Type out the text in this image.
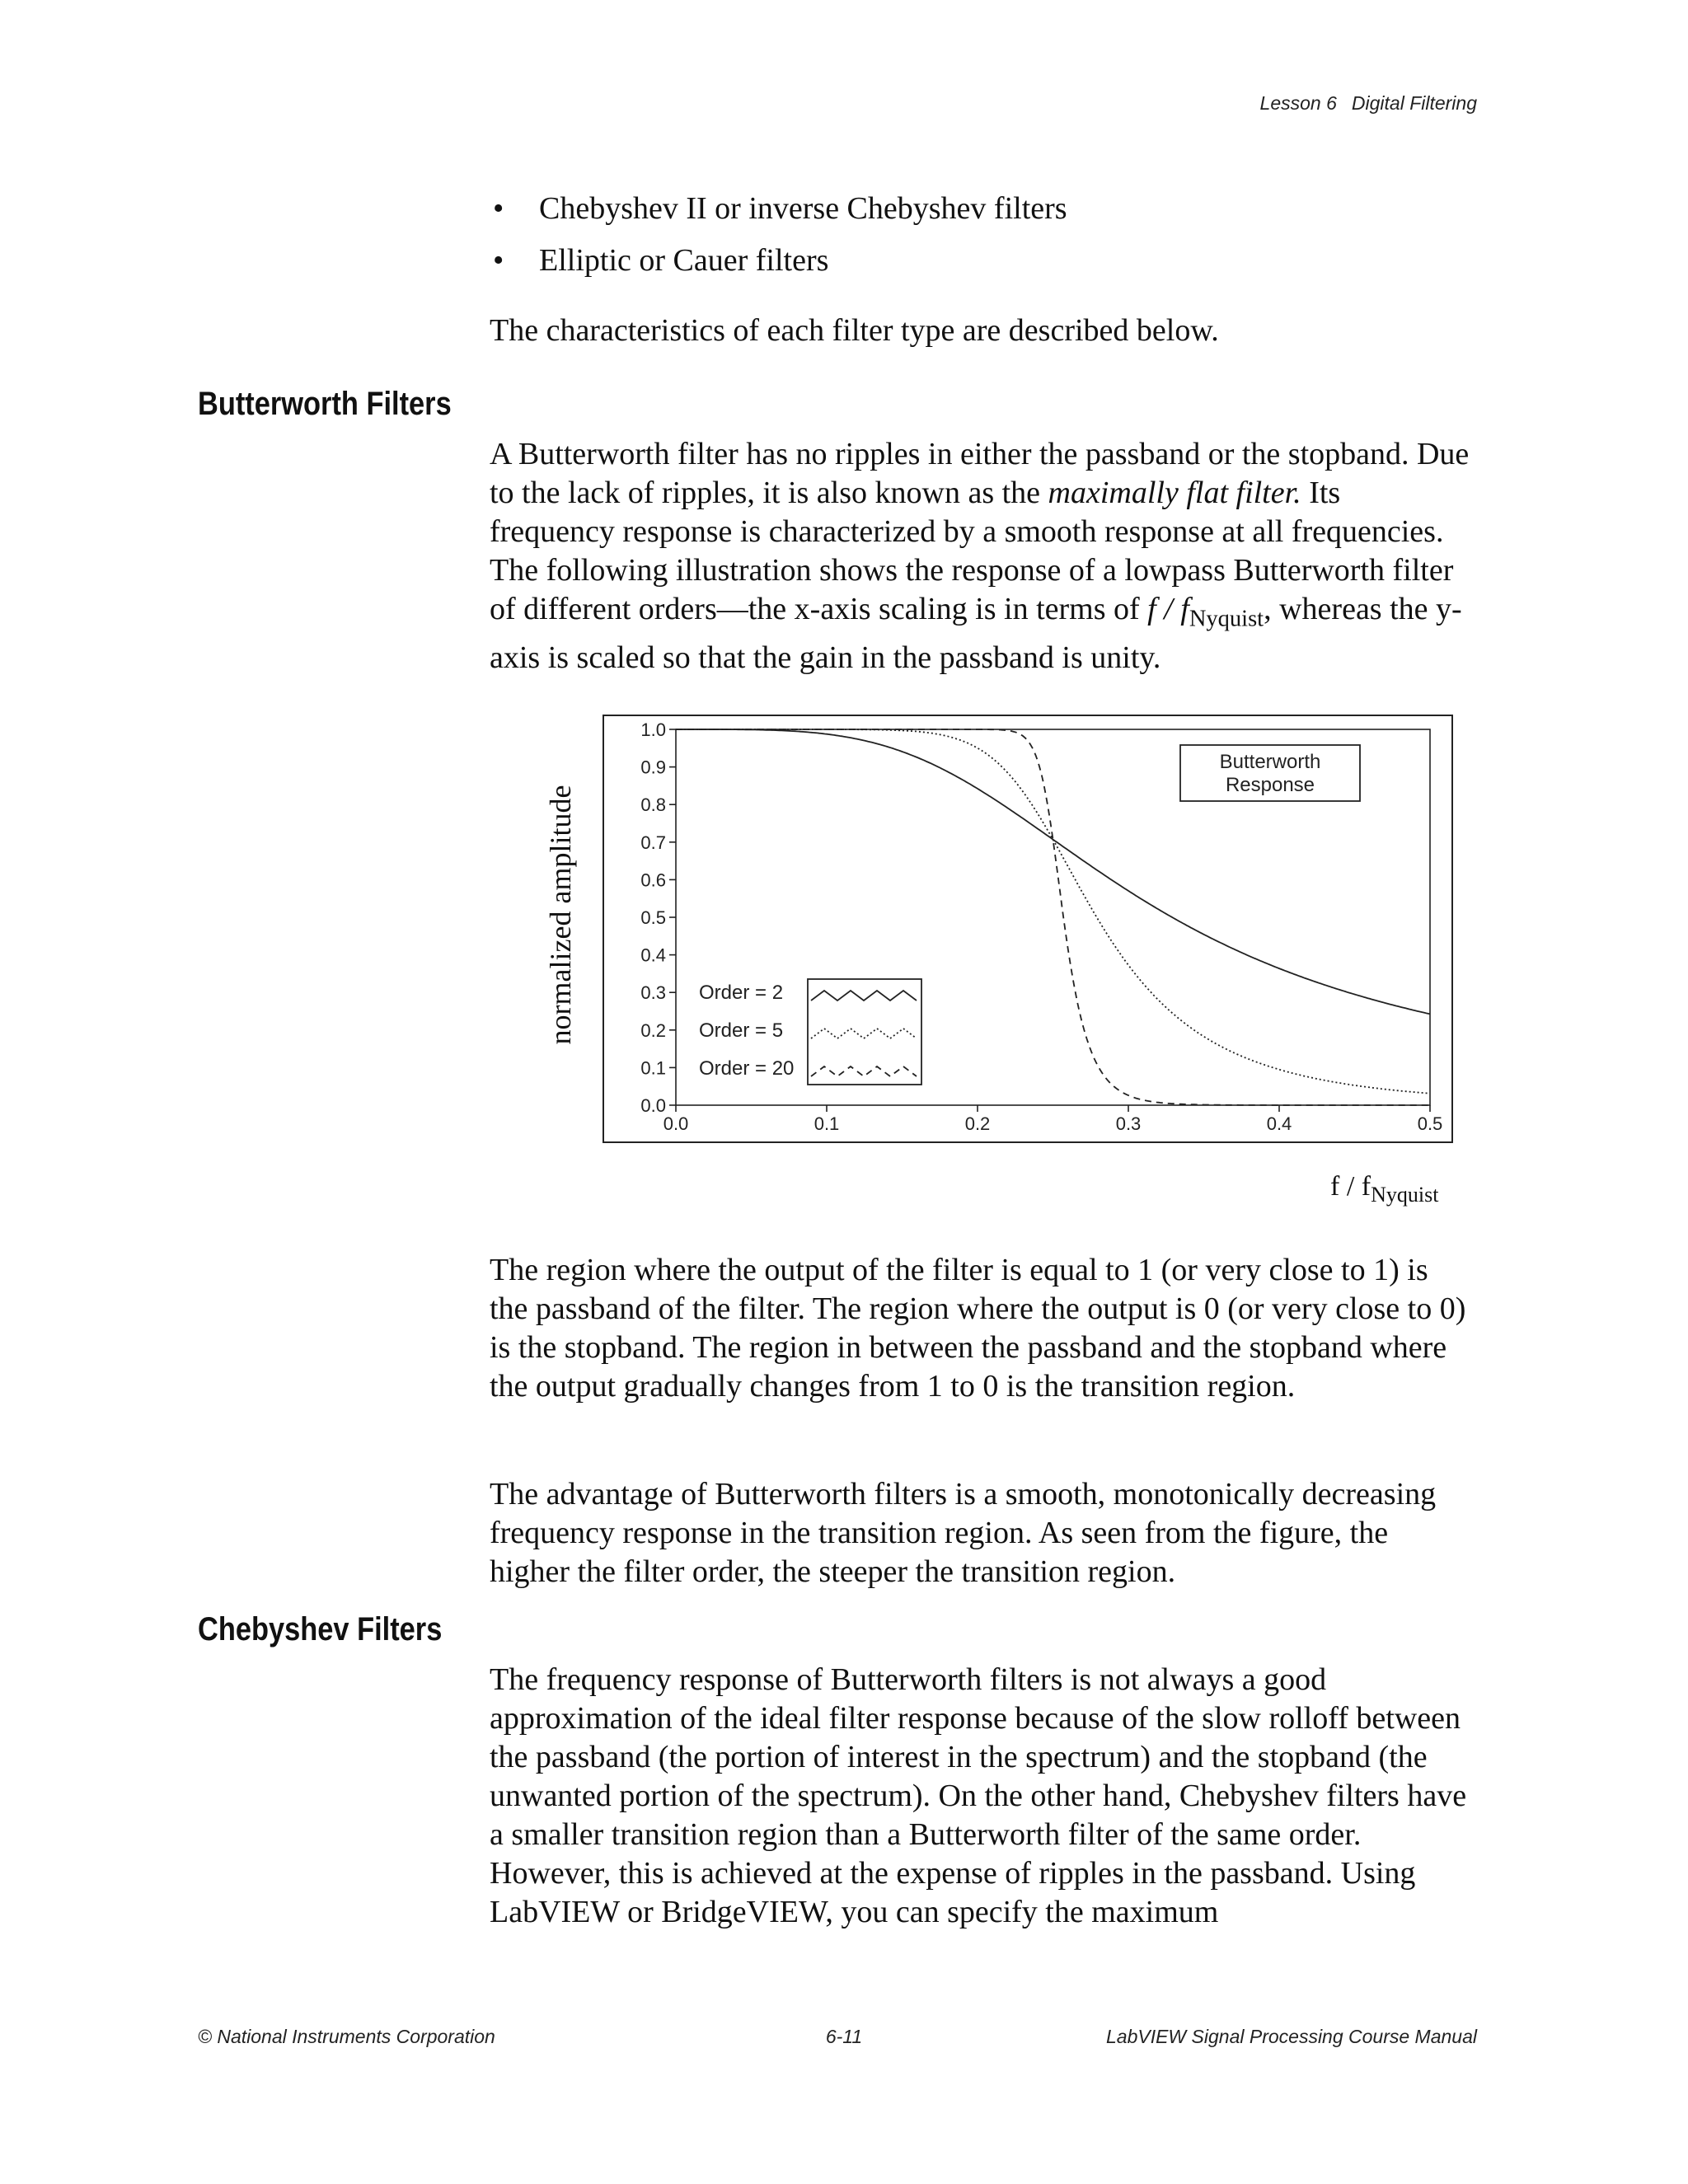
Lesson 6 Digital Filtering
• Chebyshev II or inverse Chebyshev filters
• Elliptic or Cauer filters

The characteristics of each filter type are described below.

Butterworth Filters

A Butterworth filter has no ripples in either the passband or the stopband. Due to the lack of ripples, it is also known as the maximally flat filter. Its frequency response is characterized by a smooth response at all frequencies. The following illustration shows the response of a lowpass Butterworth filter of different orders—the x-axis scaling is in terms of f / $f_{Nyquist}$, whereas the y-axis is scaled so that the gain in the passband is unity.

0.0
0.1
0.2
0.3
0.4
0.5
0.6
0.7
0.8
0.9
1.0
0.0	0.1	0.2	0.3	0.4	0.5
Butterworth
Response
Order = 2
Order = 5
Order = 20
normalized amplitude
f / $f_{Nyquist}$

The region where the output of the filter is equal to 1 (or very close to 1) is the passband of the filter. The region where the output is 0 (or very close to 0) is the stopband. The region in between the passband and the stopband where the output gradually changes from 1 to 0 is the transition region.

The advantage of Butterworth filters is a smooth, monotonically decreasing frequency response in the transition region. As seen from the figure, the higher the filter order, the steeper the transition region.

Chebyshev Filters

The frequency response of Butterworth filters is not always a good approximation of the ideal filter response because of the slow rolloff between the passband (the portion of interest in the spectrum) and the stopband (the unwanted portion of the spectrum). On the other hand, Chebyshev filters have a smaller transition region than a Butterworth filter of the same order. However, this is achieved at the expense of ripples in the passband. Using LabVIEW or BridgeVIEW, you can specify the maximum

© National Instruments Corporation	6-11	LabVIEW Signal Processing Course Manual
